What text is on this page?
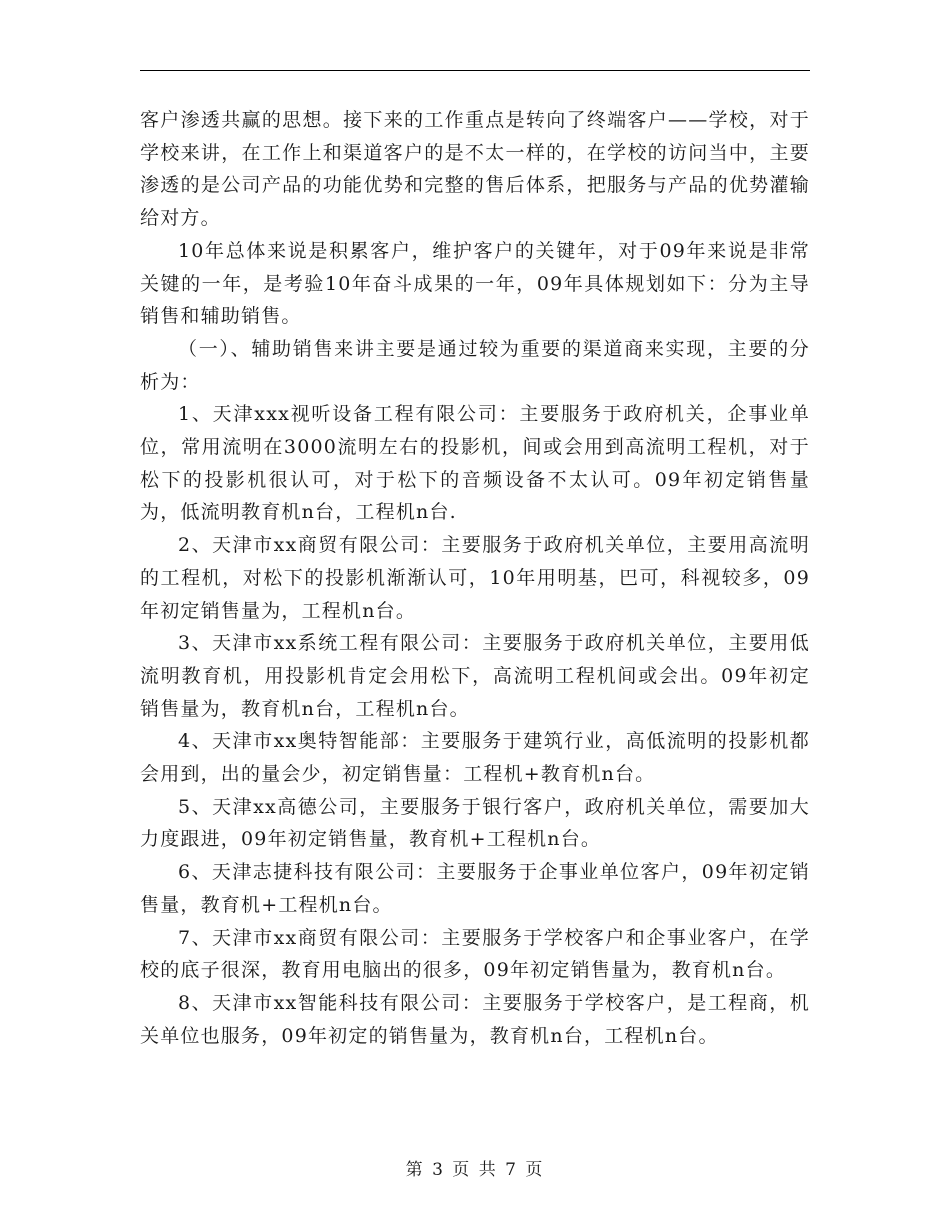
客户渗透共赢的思想。接下来的工作重点是转向了终端客户——学校，对于学校来讲，在工作上和渠道客户的是不太一样的，在学校的访问当中，主要渗透的是公司产品的功能优势和完整的售后体系，把服务与产品的优势灌输给对方。

10年总体来说是积累客户，维护客户的关键年，对于09年来说是非常关键的一年，是考验10年奋斗成果的一年，09年具体规划如下：分为主导销售和辅助销售。

（一）、辅助销售来讲主要是通过较为重要的渠道商来实现，主要的分析为：

1、天津xxx视听设备工程有限公司：主要服务于政府机关，企事业单位，常用流明在3000流明左右的投影机，间或会用到高流明工程机，对于松下的投影机很认可，对于松下的音频设备不太认可。09年初定销售量为，低流明教育机n台，工程机n台.

2、天津市xx商贸有限公司：主要服务于政府机关单位，主要用高流明的工程机，对松下的投影机渐渐认可，10年用明基，巴可，科视较多，09年初定销售量为，工程机n台。

3、天津市xx系统工程有限公司：主要服务于政府机关单位，主要用低流明教育机，用投影机肯定会用松下，高流明工程机间或会出。09年初定销售量为，教育机n台，工程机n台。

4、天津市xx奥特智能部：主要服务于建筑行业，高低流明的投影机都会用到，出的量会少，初定销售量：工程机+教育机n台。

5、天津xx高德公司，主要服务于银行客户，政府机关单位，需要加大力度跟进，09年初定销售量，教育机+工程机n台。

6、天津志捷科技有限公司：主要服务于企事业单位客户，09年初定销售量，教育机+工程机n台。

7、天津市xx商贸有限公司：主要服务于学校客户和企事业客户，在学校的底子很深，教育用电脑出的很多，09年初定销售量为，教育机n台。

8、天津市xx智能科技有限公司：主要服务于学校客户，是工程商，机关单位也服务，09年初定的销售量为，教育机n台，工程机n台。

第 3 页 共 7 页
